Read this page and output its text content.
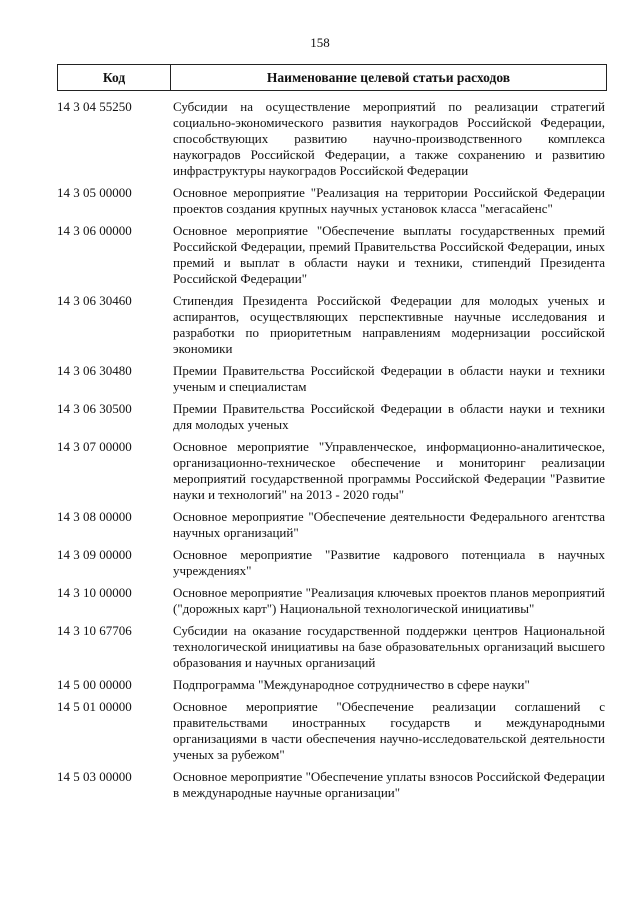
158
Код	Наименование целевой статьи расходов
14 3 04 55250	Субсидии на осуществление мероприятий по реализации стратегий социально-экономического развития наукоградов Российской Федерации, способствующих развитию научно-производственного комплекса наукоградов Российской Федерации, а также сохранению и развитию инфраструктуры наукоградов Российской Федерации
14 3 05 00000	Основное мероприятие "Реализация на территории Российской Федерации проектов создания крупных научных установок класса "мегасайенс"
14 3 06 00000	Основное мероприятие "Обеспечение выплаты государственных премий Российской Федерации, премий Правительства Российской Федерации, иных премий и выплат в области науки и техники, стипендий Президента Российской Федерации"
14 3 06 30460	Стипендия Президента Российской Федерации для молодых ученых и аспирантов, осуществляющих перспективные научные исследования и разработки по приоритетным направлениям модернизации российской экономики
14 3 06 30480	Премии Правительства Российской Федерации в области науки и техники ученым и специалистам
14 3 06 30500	Премии Правительства Российской Федерации в области науки и техники для молодых ученых
14 3 07 00000	Основное мероприятие "Управленческое, информационно-аналитическое, организационно-техническое обеспечение и мониторинг реализации мероприятий государственной программы Российской Федерации "Развитие науки и технологий" на 2013 - 2020 годы"
14 3 08 00000	Основное мероприятие "Обеспечение деятельности Федерального агентства научных организаций"
14 3 09 00000	Основное мероприятие "Развитие кадрового потенциала в научных учреждениях"
14 3 10 00000	Основное мероприятие "Реализация ключевых проектов планов мероприятий ("дорожных карт") Национальной технологической инициативы"
14 3 10 67706	Субсидии на оказание государственной поддержки центров Национальной технологической инициативы на базе образовательных организаций высшего образования и научных организаций
14 5 00 00000	Подпрограмма "Международное сотрудничество в сфере науки"
14 5 01 00000	Основное мероприятие "Обеспечение реализации соглашений с правительствами иностранных государств и международными организациями в части обеспечения научно-исследовательской деятельности ученых за рубежом"
14 5 03 00000	Основное мероприятие "Обеспечение уплаты взносов Российской Федерации в международные научные организации"
